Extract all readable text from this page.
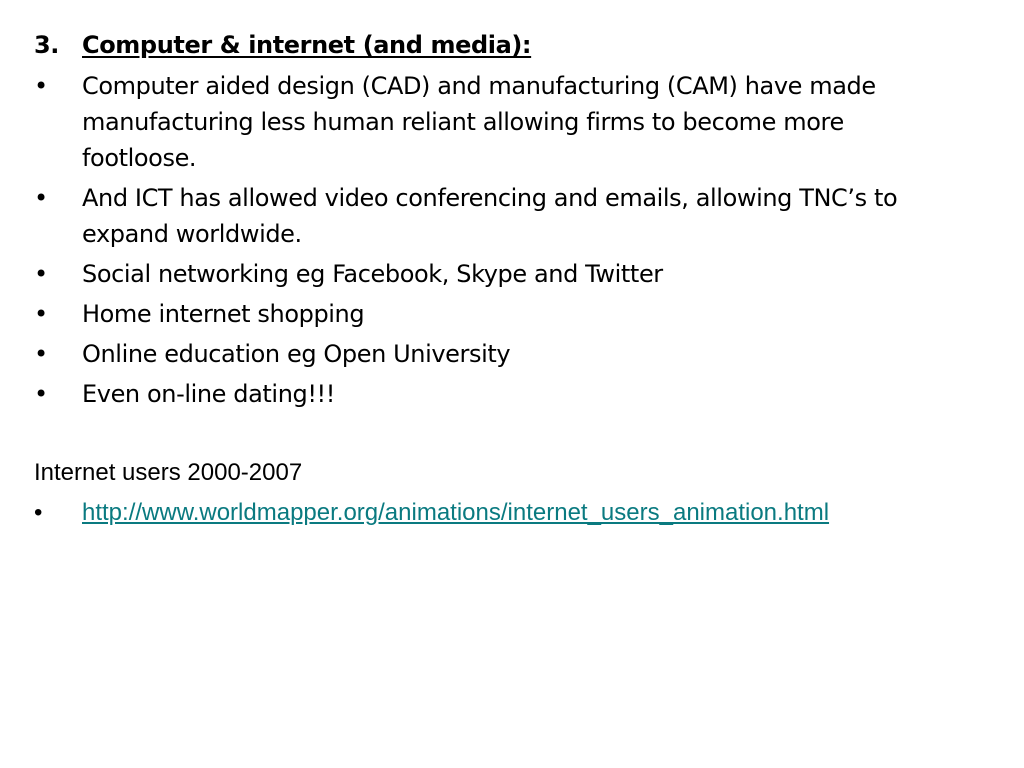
3. Computer & internet (and media):
•	Computer aided design (CAD) and manufacturing (CAM) have made manufacturing less human reliant allowing firms to become more footloose.
•	And ICT has allowed video conferencing and emails, allowing TNC’s to expand worldwide.
•	Social networking eg Facebook, Skype and Twitter
•	Home internet shopping
•	Online education eg Open University
•	Even on-line dating!!!
Internet users 2000-2007
•	http://www.worldmapper.org/animations/internet_users_animation.html
